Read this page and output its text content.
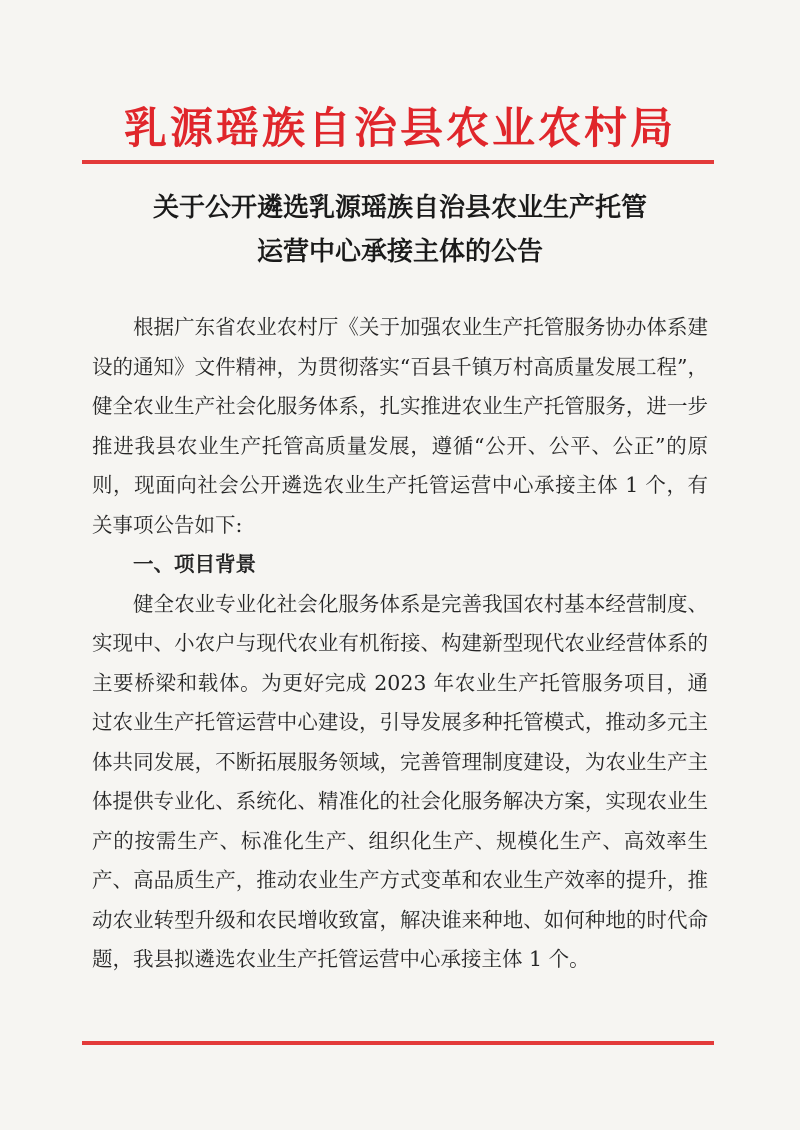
乳源瑶族自治县农业农村局
关于公开遴选乳源瑶族自治县农业生产托管
运营中心承接主体的公告

根据广东省农业农村厅《关于加强农业生产托管服务协办体系建设的通知》文件精神，为贯彻落实“百县千镇万村高质量发展工程”，健全农业生产社会化服务体系，扎实推进农业生产托管服务，进一步推进我县农业生产托管高质量发展，遵循“公开、公平、公正”的原则，现面向社会公开遴选农业生产托管运营中心承接主体 1 个，有关事项公告如下:

一、项目背景

健全农业专业化社会化服务体系是完善我国农村基本经营制度、实现中、小农户与现代农业有机衔接、构建新型现代农业经营体系的主要桥梁和载体。为更好完成 2023 年农业生产托管服务项目，通过农业生产托管运营中心建设，引导发展多种托管模式，推动多元主体共同发展，不断拓展服务领域，完善管理制度建设，为农业生产主体提供专业化、系统化、精准化的社会化服务解决方案，实现农业生产的按需生产、标准化生产、组织化生产、规模化生产、高效率生产、高品质生产，推动农业生产方式变革和农业生产效率的提升，推动农业转型升级和农民增收致富，解决谁来种地、如何种地的时代命题，我县拟遴选农业生产托管运营中心承接主体 1 个。
